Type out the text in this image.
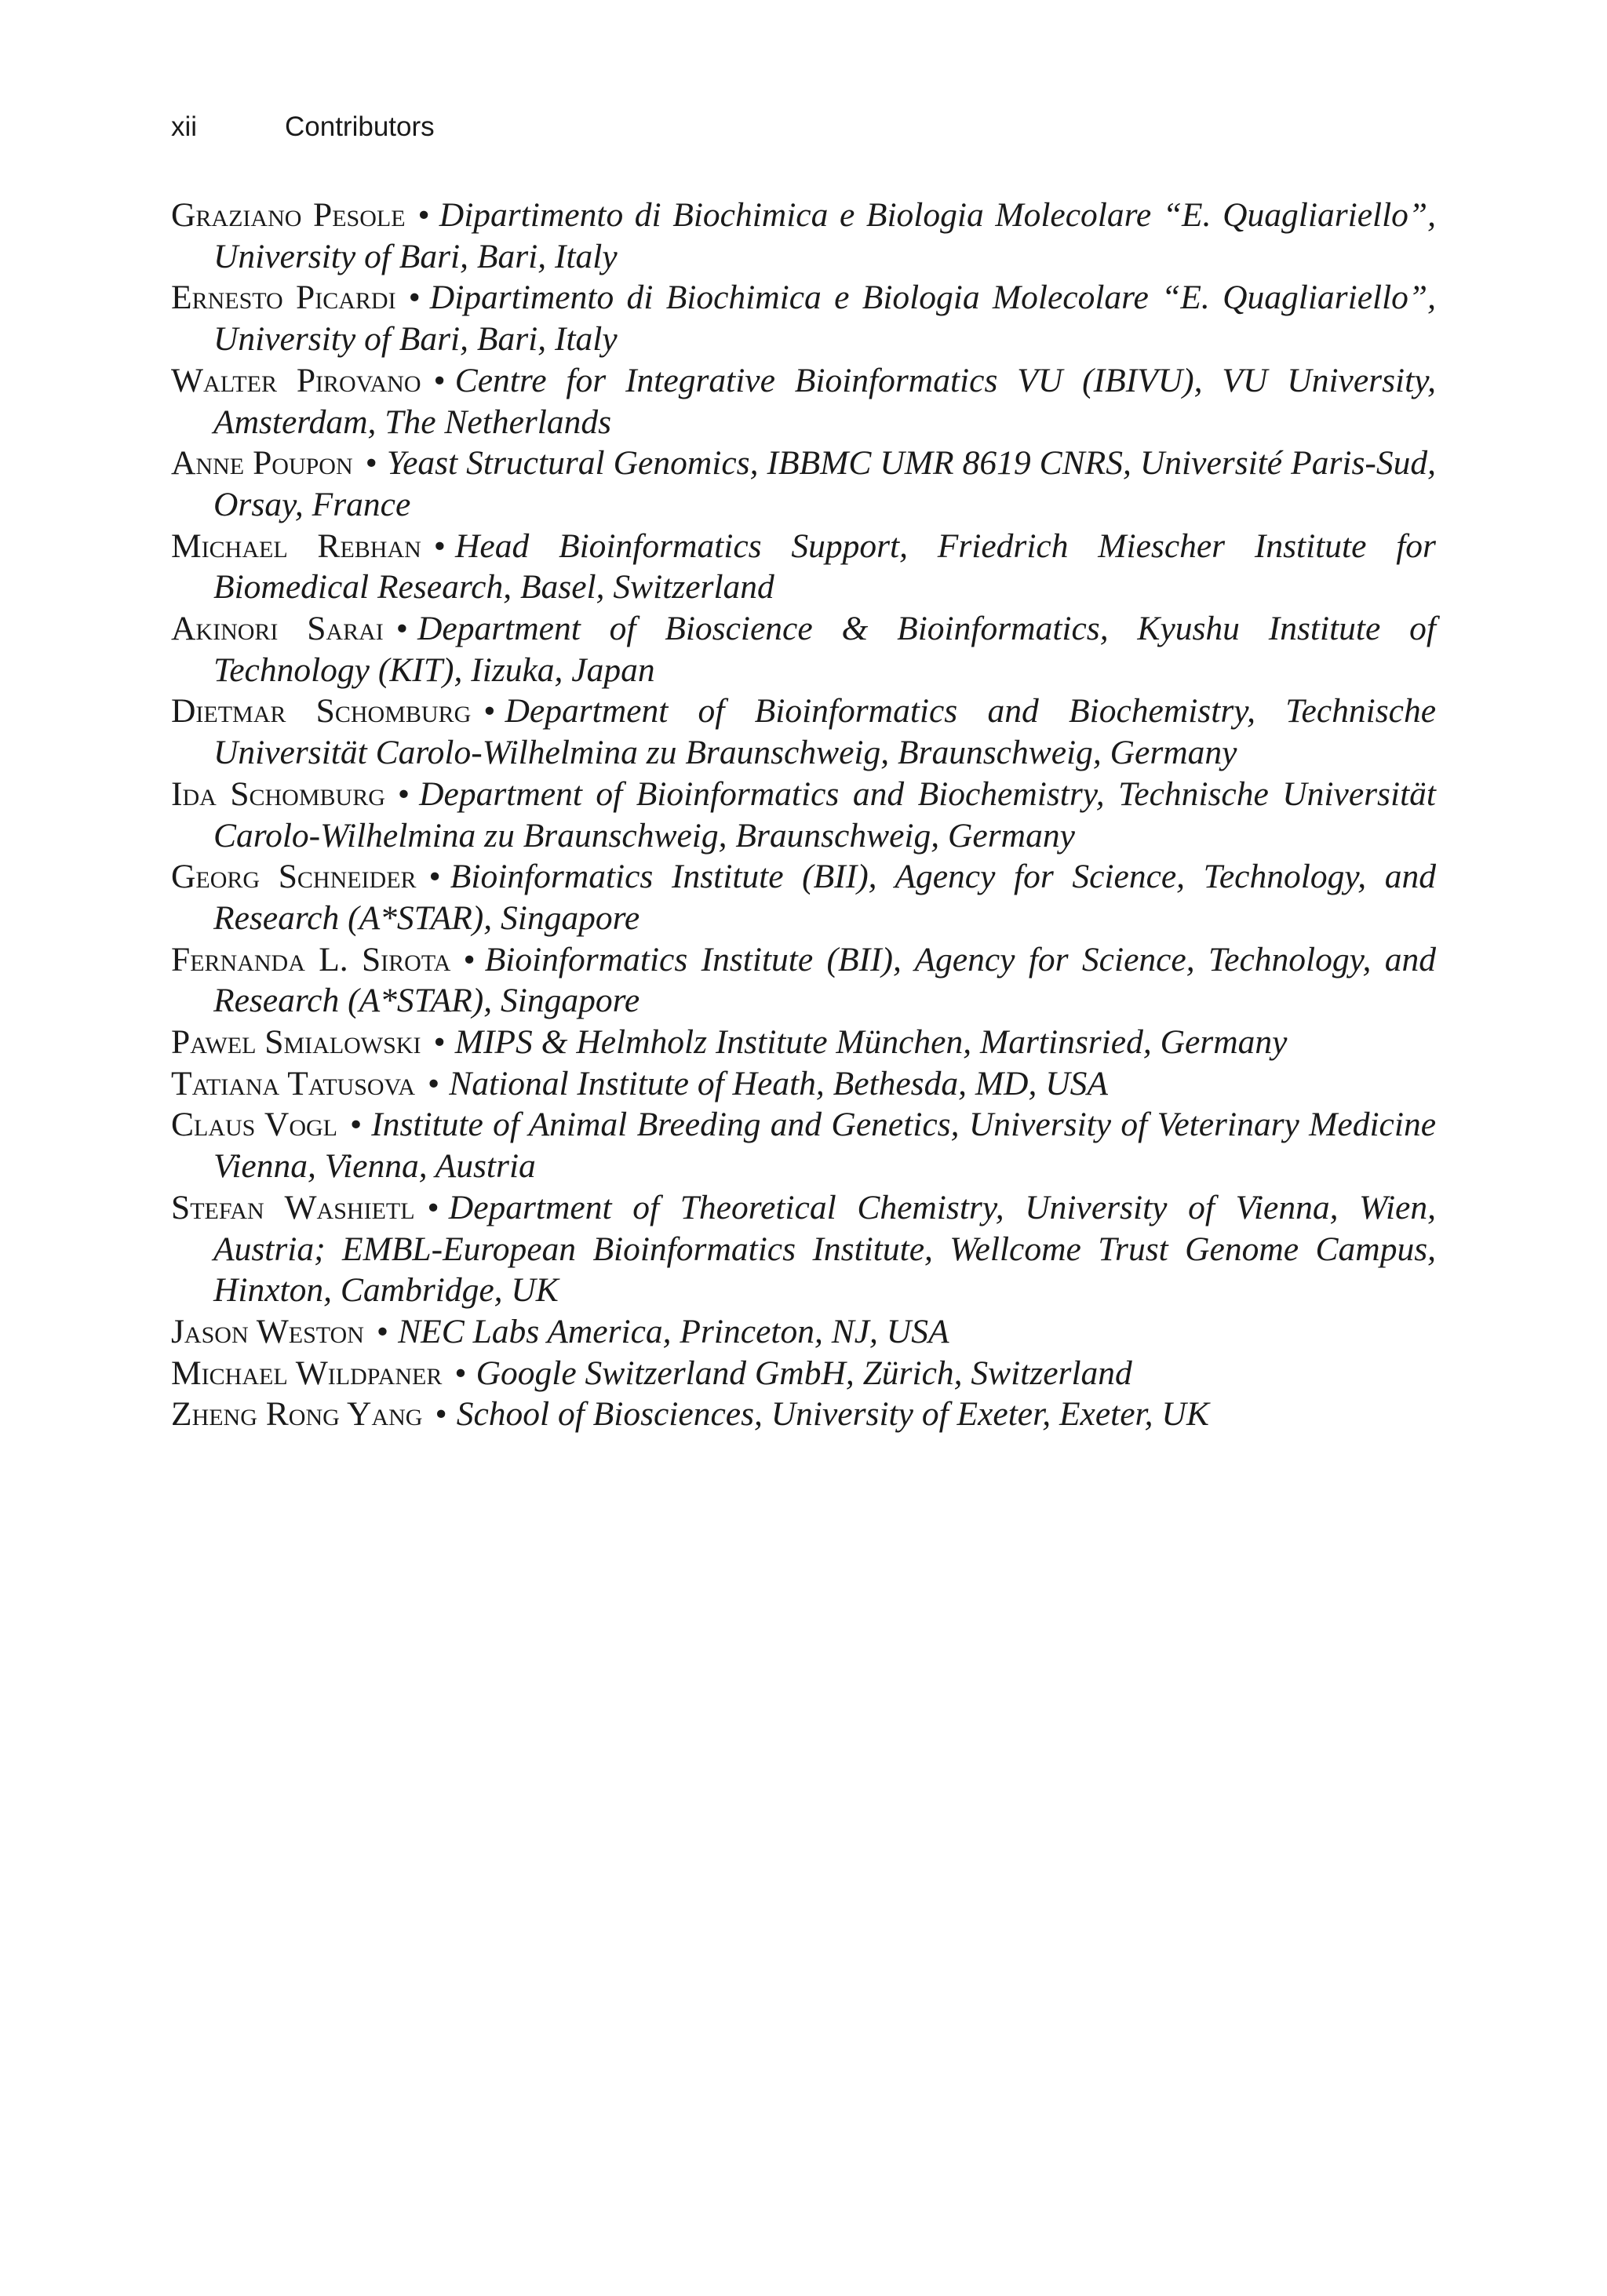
xii	Contributors
Graziano Pesole • Dipartimento di Biochimica e Biologia Molecolare “E. Quagliariello”, University of Bari, Bari, Italy
Ernesto Picardi • Dipartimento di Biochimica e Biologia Molecolare “E. Quagliariello”, University of Bari, Bari, Italy
Walter Pirovano • Centre for Integrative Bioinformatics VU (IBIVU), VU University, Amsterdam, The Netherlands
Anne Poupon • Yeast Structural Genomics, IBBMC UMR 8619 CNRS, Université Paris-Sud, Orsay, France
Michael Rebhan • Head Bioinformatics Support, Friedrich Miescher Institute for Biomedical Research, Basel, Switzerland
Akinori Sarai • Department of Bioscience & Bioinformatics, Kyushu Institute of Technology (KIT), Iizuka, Japan
Dietmar Schomburg • Department of Bioinformatics and Biochemistry, Technische Universität Carolo-Wilhelmina zu Braunschweig, Braunschweig, Germany
Ida Schomburg • Department of Bioinformatics and Biochemistry, Technische Universität Carolo-Wilhelmina zu Braunschweig, Braunschweig, Germany
Georg Schneider • Bioinformatics Institute (BII), Agency for Science, Technology, and Research (A*STAR), Singapore
Fernanda L. Sirota • Bioinformatics Institute (BII), Agency for Science, Technology, and Research (A*STAR), Singapore
Pawel Smialowski • MIPS & Helmholz Institute München, Martinsried, Germany
Tatiana Tatusova • National Institute of Heath, Bethesda, MD, USA
Claus Vogl • Institute of Animal Breeding and Genetics, University of Veterinary Medicine Vienna, Vienna, Austria
Stefan Washietl • Department of Theoretical Chemistry, University of Vienna, Wien, Austria; EMBL-European Bioinformatics Institute, Wellcome Trust Genome Campus, Hinxton, Cambridge, UK
Jason Weston • NEC Labs America, Princeton, NJ, USA
Michael Wildpaner • Google Switzerland GmbH, Zürich, Switzerland
Zheng Rong Yang • School of Biosciences, University of Exeter, Exeter, UK
